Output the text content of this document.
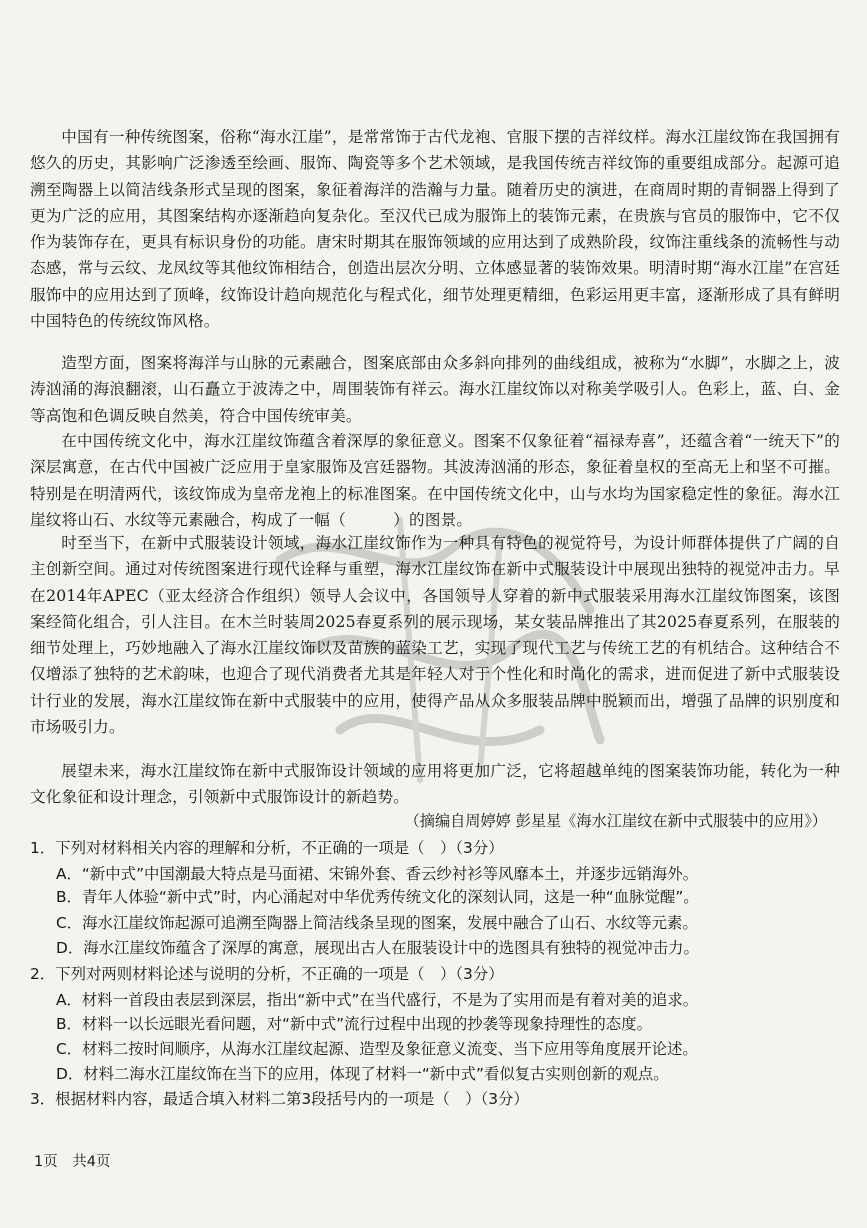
中国有一种传统图案，俗称“海水江崖”，是常常饰于古代龙袍、官服下摆的吉祥纹样。海水江崖纹饰在我国拥有悠久的历史，其影响广泛渗透至绘画、服饰、陶瓷等多个艺术领域，是我国传统吉祥纹饰的重要组成部分。起源可追溯至陶器上以简洁线条形式呈现的图案，象征着海洋的浩瀚与力量。随着历史的演进，在商周时期的青铜器上得到了更为广泛的应用，其图案结构亦逐渐趋向复杂化。至汉代已成为服饰上的装饰元素，在贵族与官员的服饰中，它不仅作为装饰存在，更具有标识身份的功能。唐宋时期其在服饰领域的应用达到了成熟阶段，纹饰注重线条的流畅性与动态感，常与云纹、龙凤纹等其他纹饰相结合，创造出层次分明、立体感显著的装饰效果。明清时期“海水江崖”在宫廷服饰中的应用达到了顶峰，纹饰设计趋向规范化与程式化，细节处理更精细，色彩运用更丰富，逐渐形成了具有鲜明中国特色的传统纹饰风格。

造型方面，图案将海洋与山脉的元素融合，图案底部由众多斜向排列的曲线组成，被称为“水脚”，水脚之上，波涛汹涌的海浪翻滚，山石矗立于波涛之中，周围装饰有祥云。海水江崖纹饰以对称美学吸引人。色彩上，蓝、白、金等高饱和色调反映自然美，符合中国传统审美。

在中国传统文化中，海水江崖纹饰蕴含着深厚的象征意义。图案不仅象征着“福禄寿喜”，还蕴含着“一统天下”的深层寓意，在古代中国被广泛应用于皇家服饰及宫廷器物。其波涛汹涌的形态，象征着皇权的至高无上和坚不可摧。特别是在明清两代，该纹饰成为皇帝龙袍上的标准图案。在中国传统文化中，山与水均为国家稳定性的象征。海水江崖纹将山石、水纹等元素融合，构成了一幅（　　　）的图景。

时至当下，在新中式服装设计领域，海水江崖纹饰作为一种具有特色的视觉符号，为设计师群体提供了广阔的自主创新空间。通过对传统图案进行现代诠释与重塑，海水江崖纹饰在新中式服装设计中展现出独特的视觉冲击力。早在2014年APEC（亚太经济合作组织）领导人会议中，各国领导人穿着的新中式服装采用海水江崖纹饰图案，该图案经简化组合，引人注目。在木兰时装周2025春夏系列的展示现场，某女装品牌推出了其2025春夏系列，在服装的细节处理上，巧妙地融入了海水江崖纹饰以及苗族的蓝染工艺，实现了现代工艺与传统工艺的有机结合。这种结合不仅增添了独特的艺术韵味，也迎合了现代消费者尤其是年轻人对于个性化和时尚化的需求，进而促进了新中式服装设计行业的发展，海水江崖纹饰在新中式服装中的应用，使得产品从众多服装品牌中脱颖而出，增强了品牌的识别度和市场吸引力。

展望未来，海水江崖纹饰在新中式服饰设计领域的应用将更加广泛，它将超越单纯的图案装饰功能，转化为一种文化象征和设计理念，引领新中式服饰设计的新趋势。

（摘编自周婷婷 彭星星《海水江崖纹在新中式服装中的应用》）

1．下列对材料相关内容的理解和分析，不正确的一项是（　）（3分）

A．“新中式”中国潮最大特点是马面裙、宋锦外套、香云纱衬衫等风靡本土，并逐步远销海外。

B．青年人体验“新中式”时，内心涌起对中华优秀传统文化的深刻认同，这是一种“血脉觉醒”。

C．海水江崖纹饰起源可追溯至陶器上简洁线条呈现的图案，发展中融合了山石、水纹等元素。

D．海水江崖纹饰蕴含了深厚的寓意，展现出古人在服装设计中的选图具有独特的视觉冲击力。

2．下列对两则材料论述与说明的分析，不正确的一项是（　）（3分）

A．材料一首段由表层到深层，指出“新中式”在当代盛行，不是为了实用而是有着对美的追求。

B．材料一以长远眼光看问题，对“新中式”流行过程中出现的抄袭等现象持理性的态度。

C．材料二按时间顺序，从海水江崖纹起源、造型及象征意义流变、当下应用等角度展开论述。

D．材料二海水江崖纹饰在当下的应用，体现了材料一“新中式”看似复古实则创新的观点。

3．根据材料内容，最适合填入材料二第3段括号内的一项是（　）（3分）

1页　共4页
